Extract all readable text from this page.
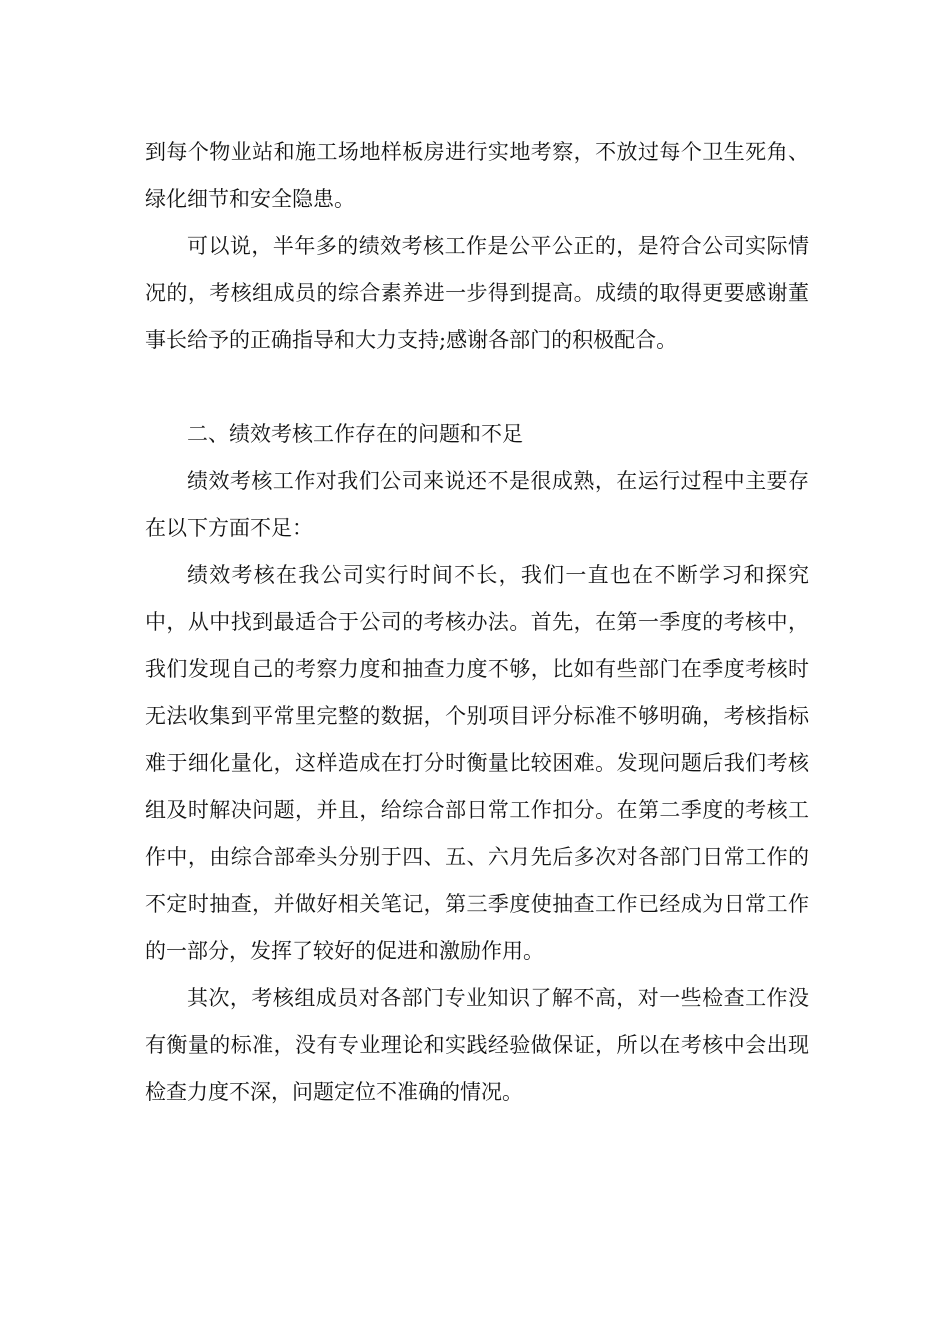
到每个物业站和施工场地样板房进行实地考察，不放过每个卫生死角、绿化细节和安全隐患。

可以说，半年多的绩效考核工作是公平公正的，是符合公司实际情况的，考核组成员的综合素养进一步得到提高。成绩的取得更要感谢董事长给予的正确指导和大力支持;感谢各部门的积极配合。

二、绩效考核工作存在的问题和不足

绩效考核工作对我们公司来说还不是很成熟，在运行过程中主要存在以下方面不足：

绩效考核在我公司实行时间不长，我们一直也在不断学习和探究中，从中找到最适合于公司的考核办法。首先，在第一季度的考核中，我们发现自己的考察力度和抽查力度不够，比如有些部门在季度考核时无法收集到平常里完整的数据，个别项目评分标准不够明确，考核指标难于细化量化，这样造成在打分时衡量比较困难。发现问题后我们考核组及时解决问题，并且，给综合部日常工作扣分。在第二季度的考核工作中，由综合部牵头分别于四、五、六月先后多次对各部门日常工作的不定时抽查，并做好相关笔记，第三季度使抽查工作已经成为日常工作的一部分，发挥了较好的促进和激励作用。

其次，考核组成员对各部门专业知识了解不高，对一些检查工作没有衡量的标准，没有专业理论和实践经验做保证，所以在考核中会出现检查力度不深，问题定位不准确的情况。
